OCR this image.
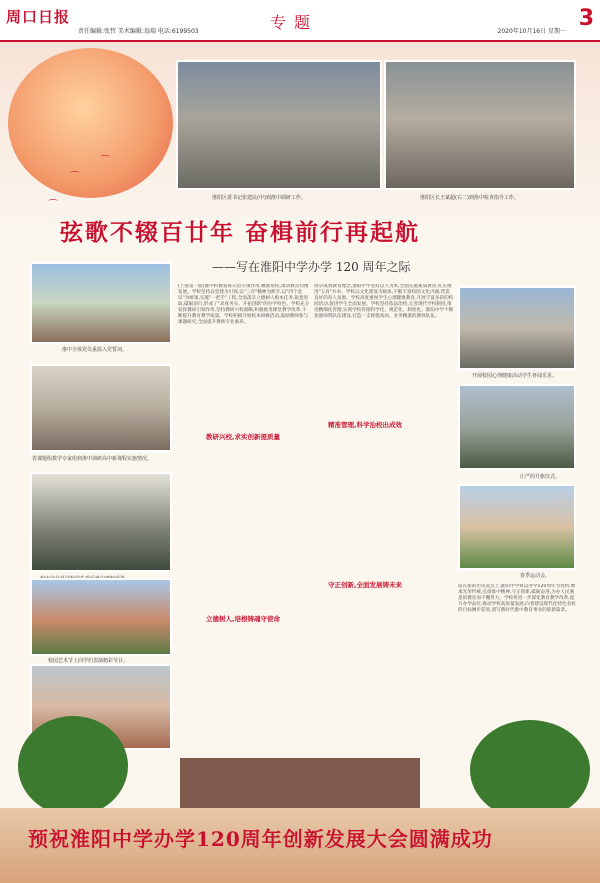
周口日报
责任编辑:张哲 美术编辑:翁瑞 电话:6199503	专题	2020年10月16日 星期一
3
⌒
⌒
⌒
淮阳区委书记张建民(中)到淮中调研工作。	淮阳区长王斌超(右二)到淮中检查指导工作。
弦歌不辍百廿年 奋楫前行再起航
——写在淮阳中学办学 120 周年之际
淮中全体党员重温入党誓词。
省课题组教学专家组到淮中调研高中新课程实施情况。
校园艺术节上同学们表演精彩节目。
(上接第一版)淮中积极发挥示范引领作用,精准帮扶,推动教育均衡发展。学校坚持以党建为引领,以"三有"精神为抓手,以"四个意识"为统领,实施"一把手"工程,全面落实立德树人根本任务,锐意进取,砥砺前行,形成了"求真务实、开拓创新"的办学特色。学校充分发挥教研引领作用,坚持教研兴校战略,积极推进课堂教学改革,不断提升教育教学质量。学校积极开展校本研修活动,鼓励教师参与课题研究,全面提升教师专业素养。
教研兴校,求实创新提质量
立德树人,培根铸魂守使命
找早成熟教育理念,淮阳中学坚持以人为本,全面实施素质教育,扎实推进"五育"并举。学校以文化建设为载体,不断丰富校园文化内涵,营造良好的育人氛围。学校高度重视学生心理健康教育,开展丰富多彩的校园活动,促进学生全面发展。学校坚持依法治校,完善现代学校制度,推进精细化管理,实现学校管理科学化、规范化、制度化。淮阳中学不断加强师资队伍建设,打造一支师德高尚、业务精湛的教师队伍。
精准管理,科学治校出成效
守正创新,全面发展铸未来
开展校园心理健康活动学生喜闻乐见。
庄严的升旗仪式。
春季运动会。
站在新的历史起点上,淮阳中学将以办学120周年为契机,继承光荣传统,弘扬淮中精神,守正创新,砥砺奋进,为办人民满意的教育而不懈努力。学校将进一步深化教育教学改革,提升办学品位,推动学校高质量发展,向着建设现代化特色名校的目标阔步前进,谱写新时代淮中教育事业的崭新篇章。
预祝淮阳中学办学120周年创新发展大会圆满成功
